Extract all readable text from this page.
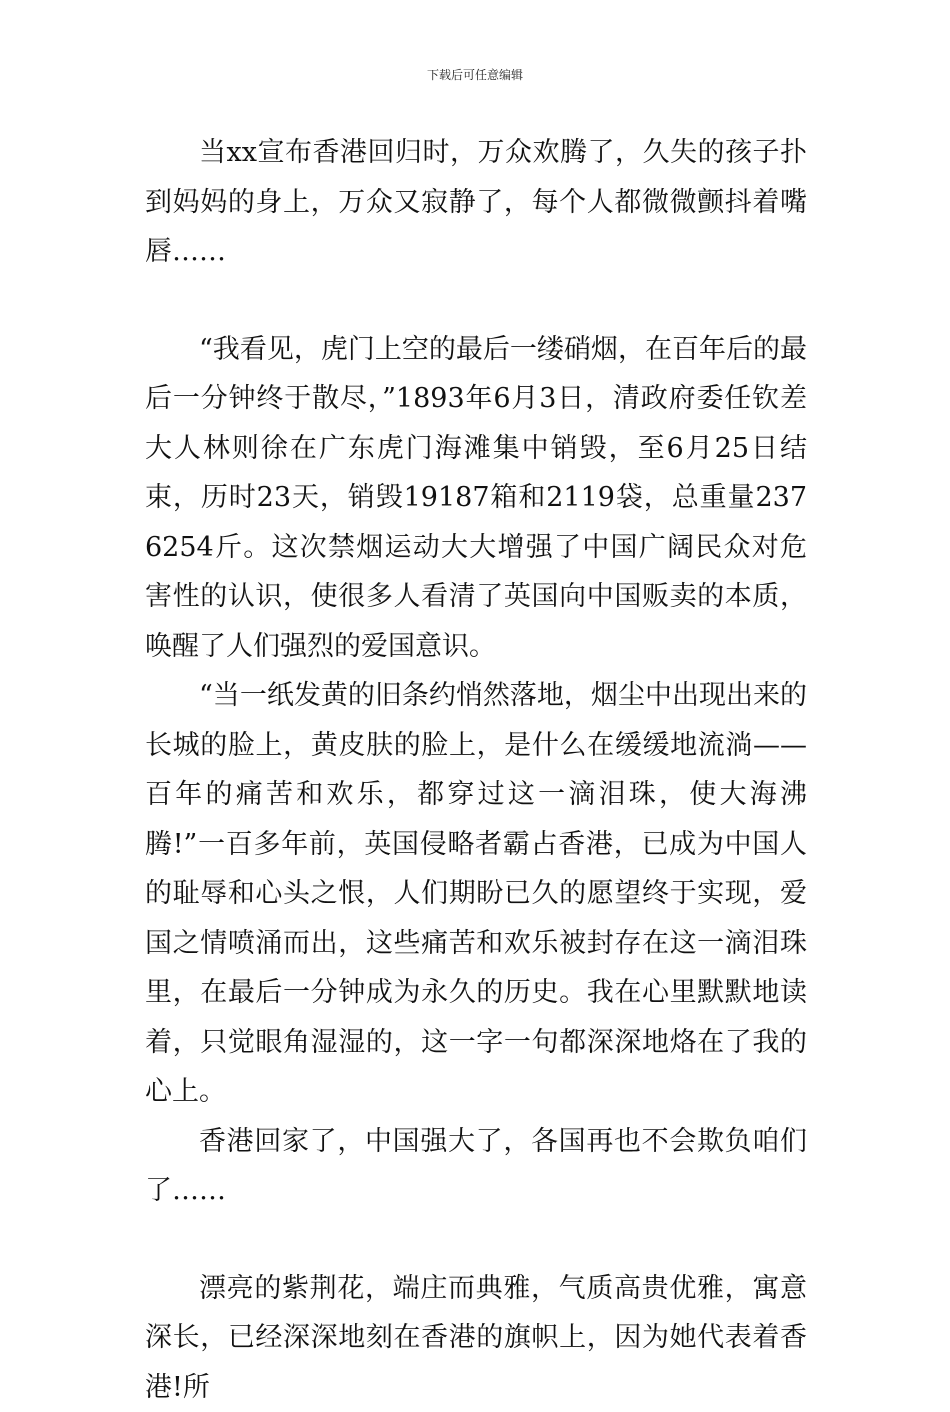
下载后可任意编辑

当xx宣布香港回归时，万众欢腾了，久失的孩子扑到妈妈的身上，万众又寂静了，每个人都微微颤抖着嘴唇……

“我看见，虎门上空的最后一缕硝烟，在百年后的最后一分钟终于散尽，”1893年6月3日，清政府委任钦差大人林则徐在广东虎门海滩集中销毁，至6月25日结束，历时23天，销毁19187箱和2119袋，总重量2376254斤。这次禁烟运动大大增强了中国广阔民众对危害性的认识，使很多人看清了英国向中国贩卖的本质，唤醒了人们强烈的爱国意识。

“当一纸发黄的旧条约悄然落地，烟尘中出现出来的长城的脸上，黄皮肤的脸上，是什么在缓缓地流淌——百年的痛苦和欢乐，都穿过这一滴泪珠，使大海沸腾!”一百多年前，英国侵略者霸占香港，已成为中国人的耻辱和心头之恨，人们期盼已久的愿望终于实现，爱国之情喷涌而出，这些痛苦和欢乐被封存在这一滴泪珠里，在最后一分钟成为永久的历史。我在心里默默地读着，只觉眼角湿湿的，这一字一句都深深地烙在了我的心上。

香港回家了，中国强大了，各国再也不会欺负咱们了……

漂亮的紫荆花，端庄而典雅，气质高贵优雅，寓意深长，已经深深地刻在香港的旗帜上，因为她代表着香港!所
